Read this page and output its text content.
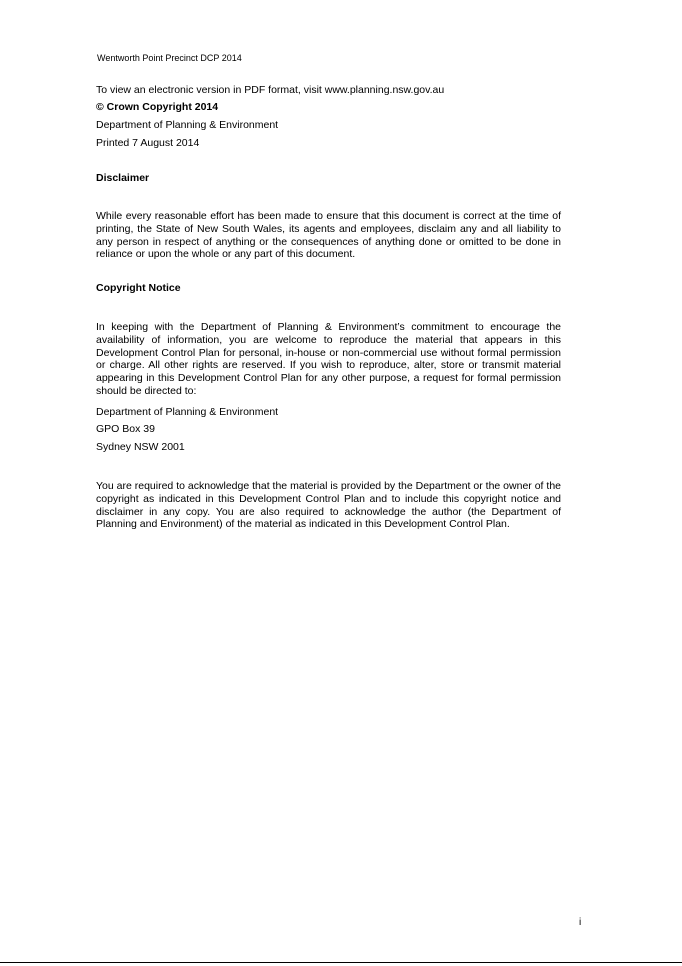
Wentworth Point Precinct DCP 2014
To view an electronic version in PDF format, visit www.planning.nsw.gov.au
© Crown Copyright 2014
Department of Planning & Environment
Printed 7 August 2014
Disclaimer
While every reasonable effort has been made to ensure that this document is correct at the time of printing, the State of New South Wales, its agents and employees, disclaim any and all liability to any person in respect of anything or the consequences of anything done or omitted to be done in reliance or upon the whole or any part of this document.
Copyright Notice
In keeping with the Department of Planning & Environment’s commitment to encourage the availability of information, you are welcome to reproduce the material that appears in this Development Control Plan for personal, in-house or non-commercial use without formal permission or charge. All other rights are reserved. If you wish to reproduce, alter, store or transmit material appearing in this Development Control Plan for any other purpose, a request for formal permission should be directed to:
Department of Planning & Environment
GPO Box 39
Sydney NSW 2001
You are required to acknowledge that the material is provided by the Department or the owner of the copyright as indicated in this Development Control Plan and to include this copyright notice and disclaimer in any copy. You are also required to acknowledge the author (the Department of Planning and Environment) of the material as indicated in this Development Control Plan.
i
